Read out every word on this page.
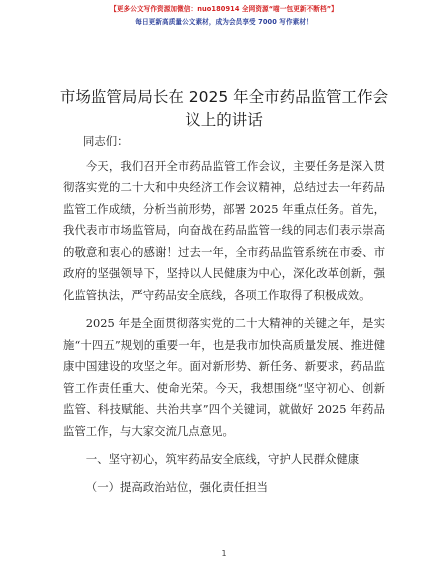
【更多公文写作资源加微信：nuo180914 全网资源“喵一包更新不断档”】
每日更新高质量公文素材，成为会员享受 7000 写作素材！
市场监管局局长在 2025 年全市药品监管工作会
议上的讲话

同志们：

今天，我们召开全市药品监管工作会议，主要任务是深入贯彻落实党的二十大和中央经济工作会议精神，总结过去一年药品监管工作成绩，分析当前形势，部署 2025 年重点任务。首先，我代表市市场监管局，向奋战在药品监管一线的同志们表示崇高的敬意和衷心的感谢！过去一年，全市药品监管系统在市委、市政府的坚强领导下，坚持以人民健康为中心，深化改革创新，强化监管执法，严守药品安全底线，各项工作取得了积极成效。

2025 年是全面贯彻落实党的二十大精神的关键之年，是实施“十四五”规划的重要一年，也是我市加快高质量发展、推进健康中国建设的攻坚之年。面对新形势、新任务、新要求，药品监管工作责任重大、使命光荣。今天，我想围绕“坚守初心、创新监管、科技赋能、共治共享”四个关键词，就做好 2025 年药品监管工作，与大家交流几点意见。

一、坚守初心，筑牢药品安全底线，守护人民群众健康

（一）提高政治站位，强化责任担当

1
